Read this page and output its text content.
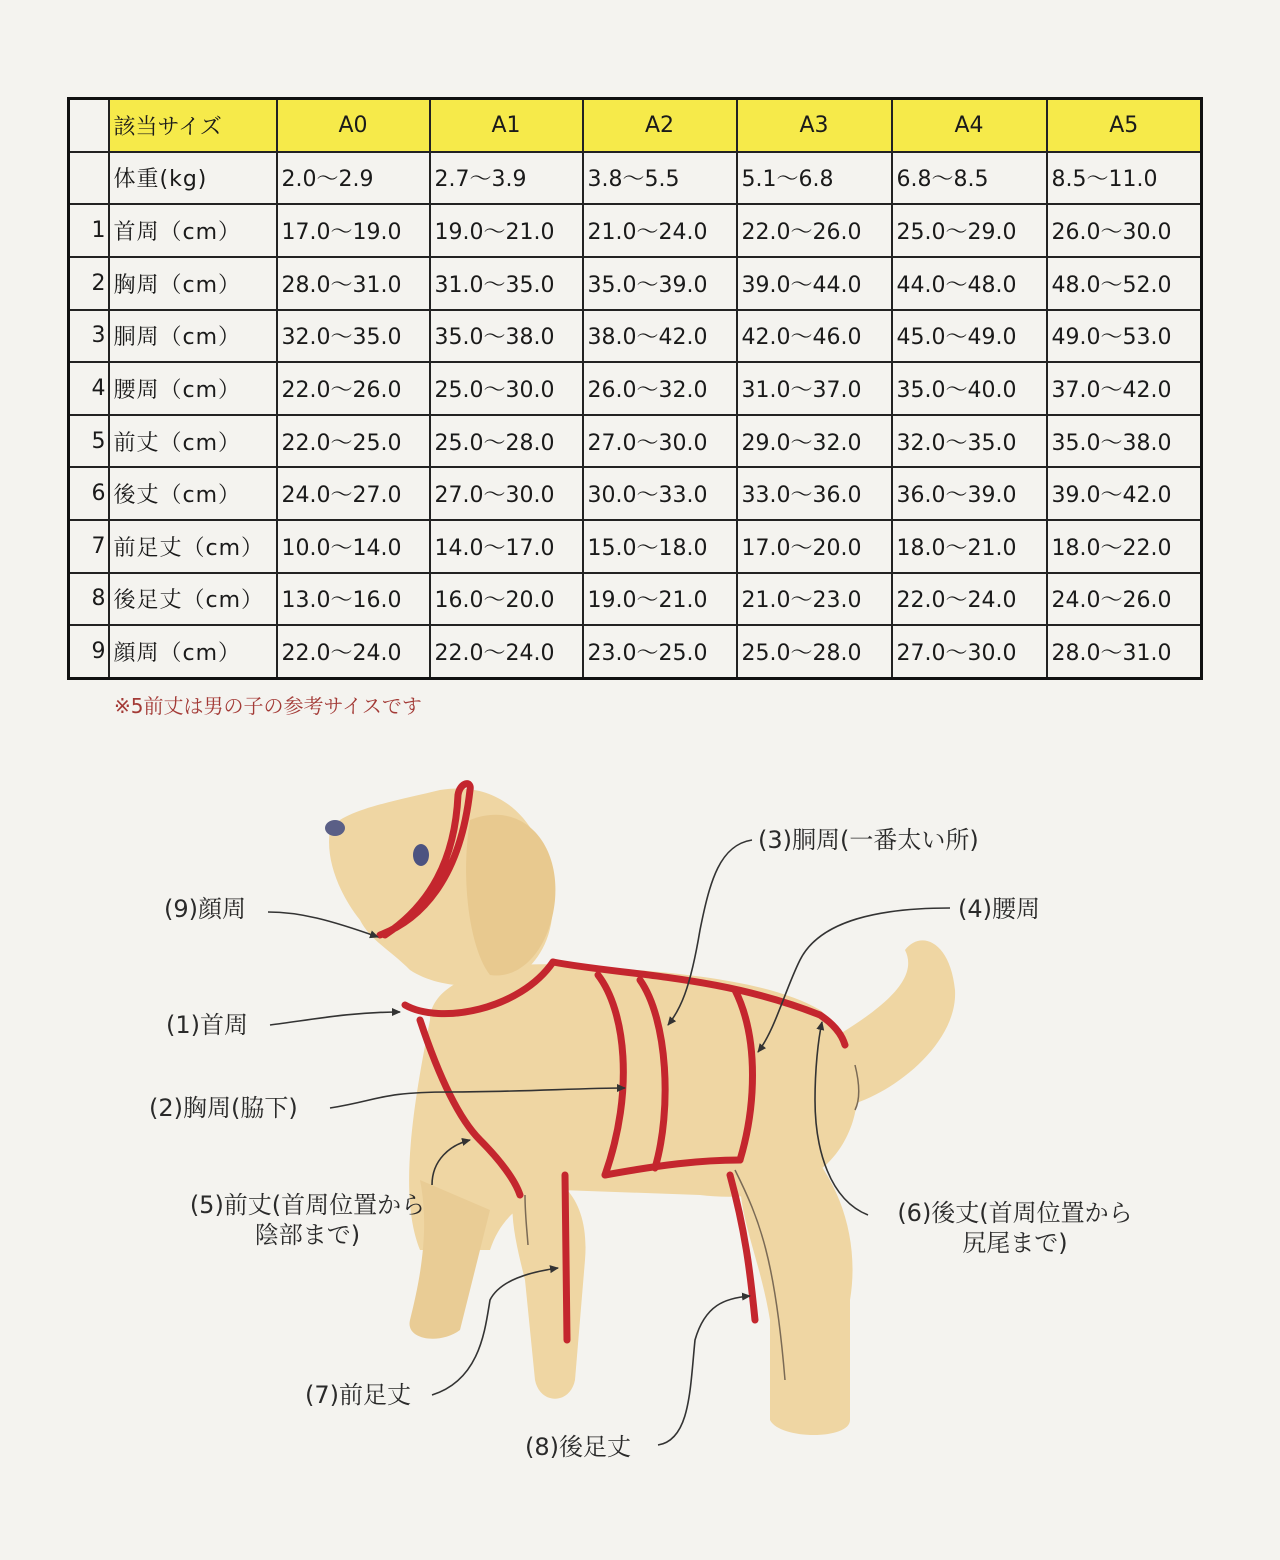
	該当サイズ	A0	A1	A2	A3	A4	A5
	体重(kg)	2.0〜2.9	2.7〜3.9	3.8〜5.5	5.1〜6.8	6.8〜8.5	8.5〜11.0
1	首周（cm）	17.0〜19.0	19.0〜21.0	21.0〜24.0	22.0〜26.0	25.0〜29.0	26.0〜30.0
2	胸周（cm）	28.0〜31.0	31.0〜35.0	35.0〜39.0	39.0〜44.0	44.0〜48.0	48.0〜52.0
3	胴周（cm）	32.0〜35.0	35.0〜38.0	38.0〜42.0	42.0〜46.0	45.0〜49.0	49.0〜53.0
4	腰周（cm）	22.0〜26.0	25.0〜30.0	26.0〜32.0	31.0〜37.0	35.0〜40.0	37.0〜42.0
5	前丈（cm）	22.0〜25.0	25.0〜28.0	27.0〜30.0	29.0〜32.0	32.0〜35.0	35.0〜38.0
6	後丈（cm）	24.0〜27.0	27.0〜30.0	30.0〜33.0	33.0〜36.0	36.0〜39.0	39.0〜42.0
7	前足丈（cm）	10.0〜14.0	14.0〜17.0	15.0〜18.0	17.0〜20.0	18.0〜21.0	18.0〜22.0
8	後足丈（cm）	13.0〜16.0	16.0〜20.0	19.0〜21.0	21.0〜23.0	22.0〜24.0	24.0〜26.0
9	顔周（cm）	22.0〜24.0	22.0〜24.0	23.0〜25.0	25.0〜28.0	27.0〜30.0	28.0〜31.0
※5前丈は男の子の参考サイスです
(9)顔周
(1)首周
(2)胸周(脇下)
(5)前丈(首周位置から
陰部まで)
(7)前足丈
(8)後足丈
(3)胴周(一番太い所)
(4)腰周
(6)後丈(首周位置から
尻尾まで)
